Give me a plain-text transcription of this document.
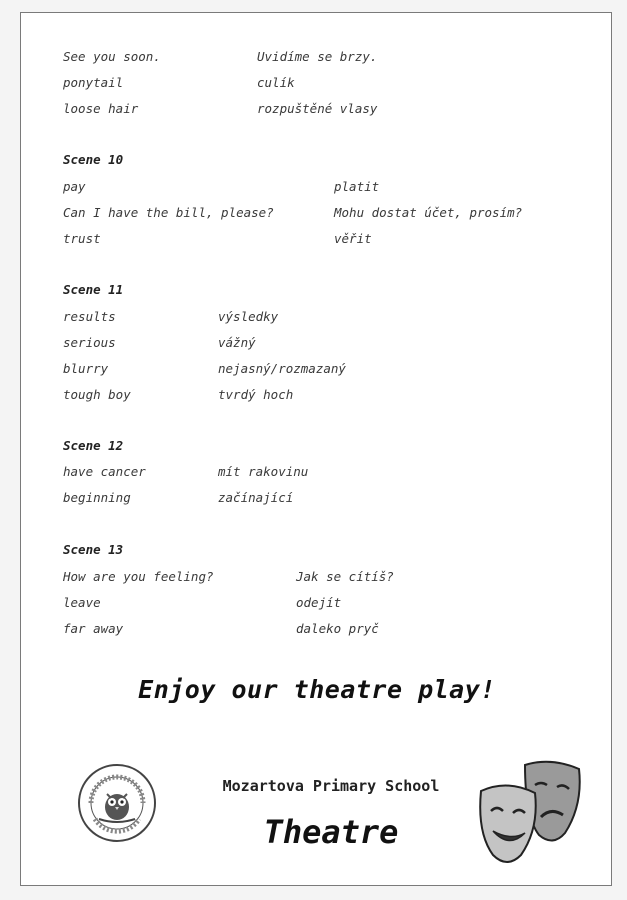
See you soon.	Uvidíme se brzy.
ponytail	culík
loose hair	rozpuštěné vlasy
Scene 10
pay	platit
Can I have the bill, please?	Mohu dostat účet, prosím?
trust	věřit
Scene 11
results	výsledky
serious	vážný
blurry	nejasný/rozmazaný
tough boy	tvrdý hoch
Scene 12
have cancer	mít rakovinu
beginning	začínající
Scene 13
How are you feeling?	Jak se cítíš?
leave	odejít
far away	daleko pryč
Enjoy our theatre play!
Mozartova Primary School
Theatre
